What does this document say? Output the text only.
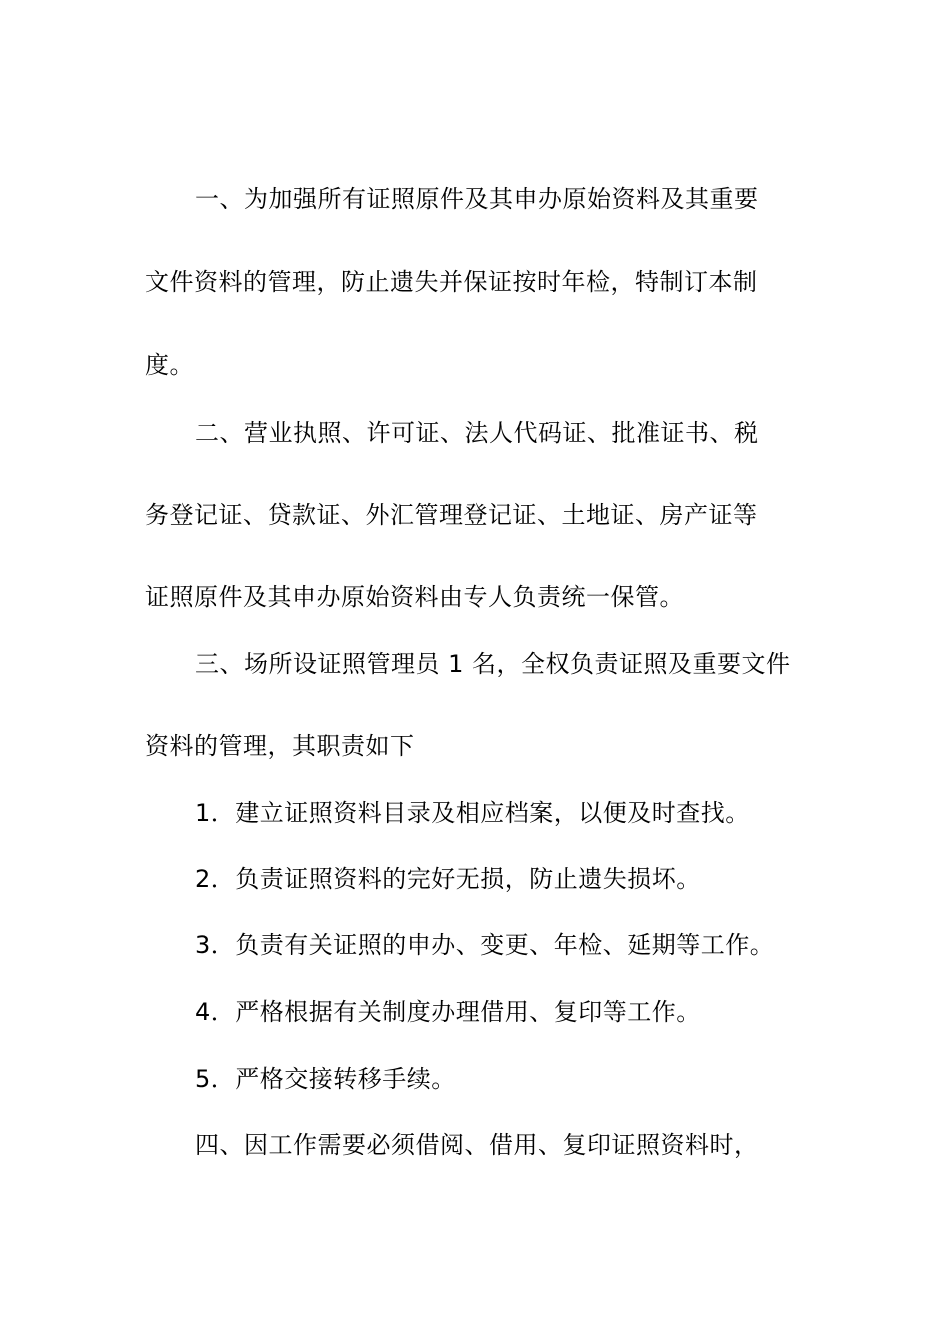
一、为加强所有证照原件及其申办原始资料及其重要
文件资料的管理，防止遗失并保证按时年检，特制订本制
度。
二、营业执照、许可证、法人代码证、批准证书、税
务登记证、贷款证、外汇管理登记证、土地证、房产证等
证照原件及其申办原始资料由专人负责统一保管。
三、场所设证照管理员 1 名，全权负责证照及重要文件
资料的管理，其职责如下
1．建立证照资料目录及相应档案，以便及时查找。
2．负责证照资料的完好无损，防止遗失损坏。
3．负责有关证照的申办、变更、年检、延期等工作。
4．严格根据有关制度办理借用、复印等工作。
5．严格交接转移手续。
四、因工作需要必须借阅、借用、复印证照资料时，
